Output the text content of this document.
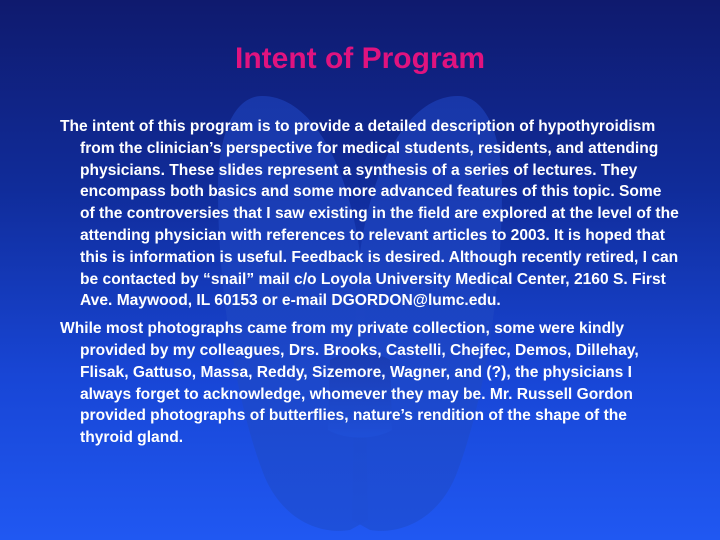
Intent of Program

The intent of this program is to provide a detailed description of hypothyroidism from the clinician’s perspective for medical students, residents, and attending physicians. These slides represent a synthesis of a series of lectures. They encompass both basics and some more advanced features of this topic. Some of the controversies that I saw existing in the field are explored at the level of the attending physician with references to relevant articles to 2003. It is hoped that this is information is useful. Feedback is desired. Although recently retired, I can be contacted by “snail” mail c/o Loyola University Medical Center, 2160 S. First Ave. Maywood, IL 60153 or e-mail DGORDON@lumc.edu.

While most photographs came from my private collection, some were kindly provided by my colleagues, Drs. Brooks, Castelli, Chejfec, Demos, Dillehay, Flisak, Gattuso, Massa, Reddy, Sizemore, Wagner, and (?), the physicians I always forget to acknowledge, whomever they may be. Mr. Russell Gordon provided photographs of butterflies, nature’s rendition of the shape of the thyroid gland.
